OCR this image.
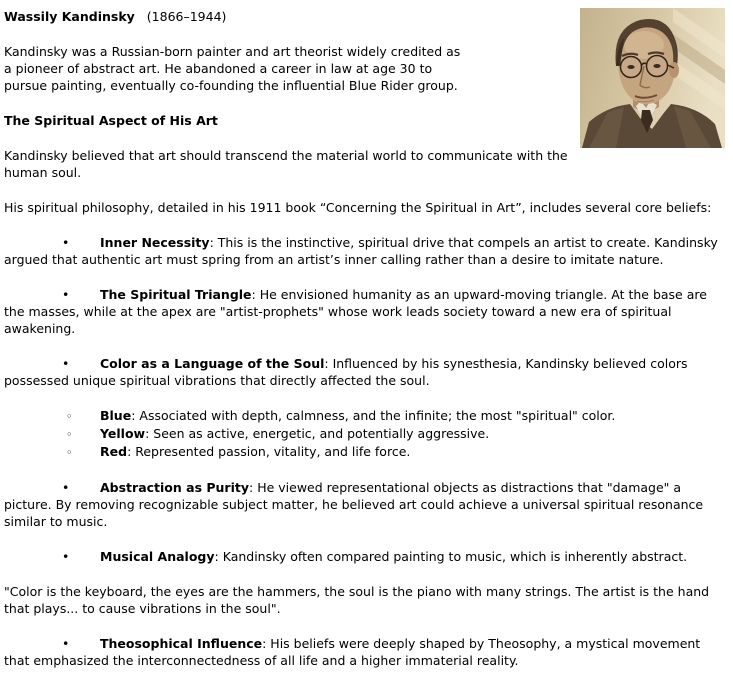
Wassily Kandinsky (1866–1944)

Kandinsky was a Russian-born painter and art theorist widely credited as
a pioneer of abstract art. He abandoned a career in law at age 30 to
pursue painting, eventually co-founding the influential Blue Rider group.

The Spiritual Aspect of His Art

Kandinsky believed that art should transcend the material world to communicate with the human soul.

His spiritual philosophy, detailed in his 1911 book “Concerning the Spiritual in Art”, includes several core beliefs:

• Inner Necessity: This is the instinctive, spiritual drive that compels an artist to create. Kandinsky argued that authentic art must spring from an artist’s inner calling rather than a desire to imitate nature.

• The Spiritual Triangle: He envisioned humanity as an upward-moving triangle. At the base are the masses, while at the apex are "artist-prophets" whose work leads society toward a new era of spiritual awakening.

• Color as a Language of the Soul: Influenced by his synesthesia, Kandinsky believed colors possessed unique spiritual vibrations that directly affected the soul.

◦ Blue: Associated with depth, calmness, and the infinite; the most "spiritual" color.

◦ Yellow: Seen as active, energetic, and potentially aggressive.

◦ Red: Represented passion, vitality, and life force.

• Abstraction as Purity: He viewed representational objects as distractions that "damage" a picture. By removing recognizable subject matter, he believed art could achieve a universal spiritual resonance similar to music.

• Musical Analogy: Kandinsky often compared painting to music, which is inherently abstract.

"Color is the keyboard, the eyes are the hammers, the soul is the piano with many strings. The artist is the hand that plays... to cause vibrations in the soul".

• Theosophical Influence: His beliefs were deeply shaped by Theosophy, a mystical movement that emphasized the interconnectedness of all life and a higher immaterial reality.
